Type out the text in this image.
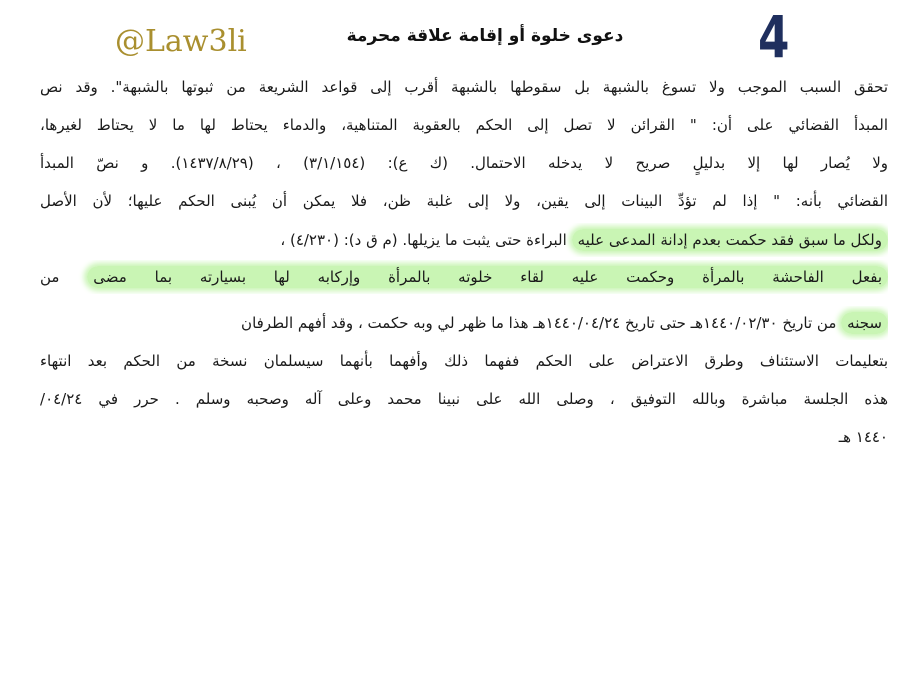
4
دعوى خلوة أو إقامة علاقة محرمة
@Law3li
تحقق السبب الموجب ولا تسوغ بالشبهة بل سقوطها بالشبهة أقرب إلى قواعد الشريعة من ثبوتها بالشبهة". وقد نص
المبدأ القضائي على أن: " القرائن لا تصل إلى الحكم بالعقوبة المتناهية، والدماء يحتاط لها ما لا يحتاط لغيرها،
ولا يُصار لها إلا بدليلٍ صريح لا يدخله الاحتمال. (ك ع): (٣/١/١٥٤) ، (١٤٣٧/٨/٢٩). و نصّ المبدأ
القضائي بأنه: " إذا لم تؤدِّ البينات إلى يقين، ولا إلى غلبة ظن، فلا يمكن أن يُبنى الحكم عليها؛ لأن الأصل
ولكل ما سبق فقد حكمت بعدم إدانة المدعى عليه البراءة حتى يثبت ما يزيلها. (م ق د): (٤/٢٣٠) ،
بفعل الفاحشة بالمرأة وحكمت عليه لقاء خلوته بالمرأة وإركابه لها بسيارته بما مضى من
سجنه من تاريخ ١٤٤٠/٠٢/٣٠هـ حتى تاريخ ١٤٤٠/٠٤/٢٤هـ هذا ما ظهر لي وبه حكمت ، وقد أفهم الطرفان
بتعليمات الاستئناف وطرق الاعتراض على الحكم ففهما ذلك وأفهما بأنهما سيسلمان نسخة من الحكم بعد انتهاء
هذه الجلسة مباشرة وبالله التوفيق ، وصلى الله على نبينا محمد وعلى آله وصحبه وسلم . حرر في ٠٤/٢٤/
١٤٤٠ هـ
